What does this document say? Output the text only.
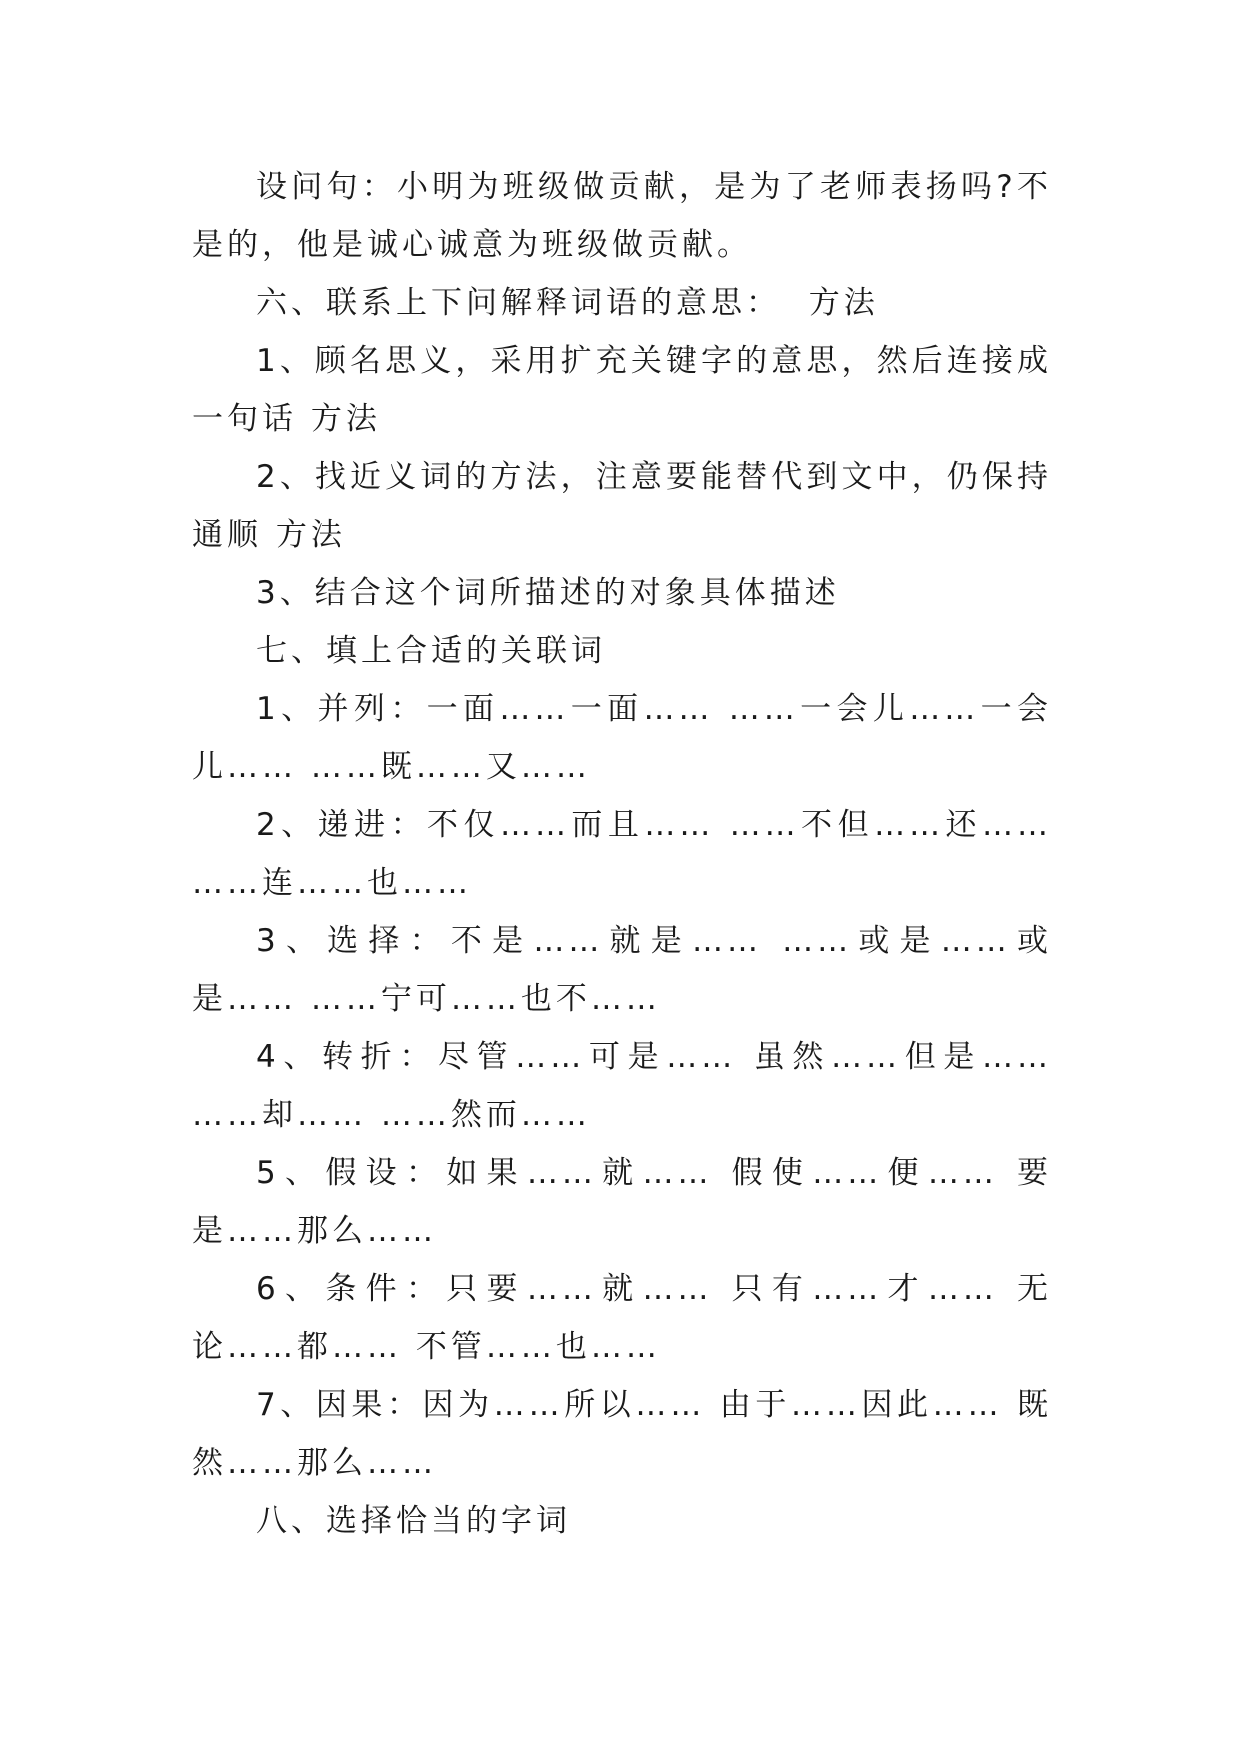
设问句：小明为班级做贡献，是为了老师表扬吗?不是的，他是诚心诚意为班级做贡献。

六、联系上下问解释词语的意思：  方法

1、顾名思义，采用扩充关键字的意思，然后连接成一句话 方法

2、找近义词的方法，注意要能替代到文中，仍保持通顺 方法

3、结合这个词所描述的对象具体描述

七、填上合适的关联词

1、并列：一面……一面…… ……一会儿……一会儿…… ……既……又……

2、递进：不仅……而且…… ……不但……还…… ……连……也……

3、选择：不是……就是…… ……或是……或是…… ……宁可……也不……

4、转折：尽管……可是…… 虽然……但是…… ……却…… ……然而……

5、假设：如果……就…… 假使……便…… 要是……那么……

6、条件：只要……就…… 只有……才…… 无论……都…… 不管……也……

7、因果：因为……所以…… 由于……因此…… 既然……那么……

八、选择恰当的字词
